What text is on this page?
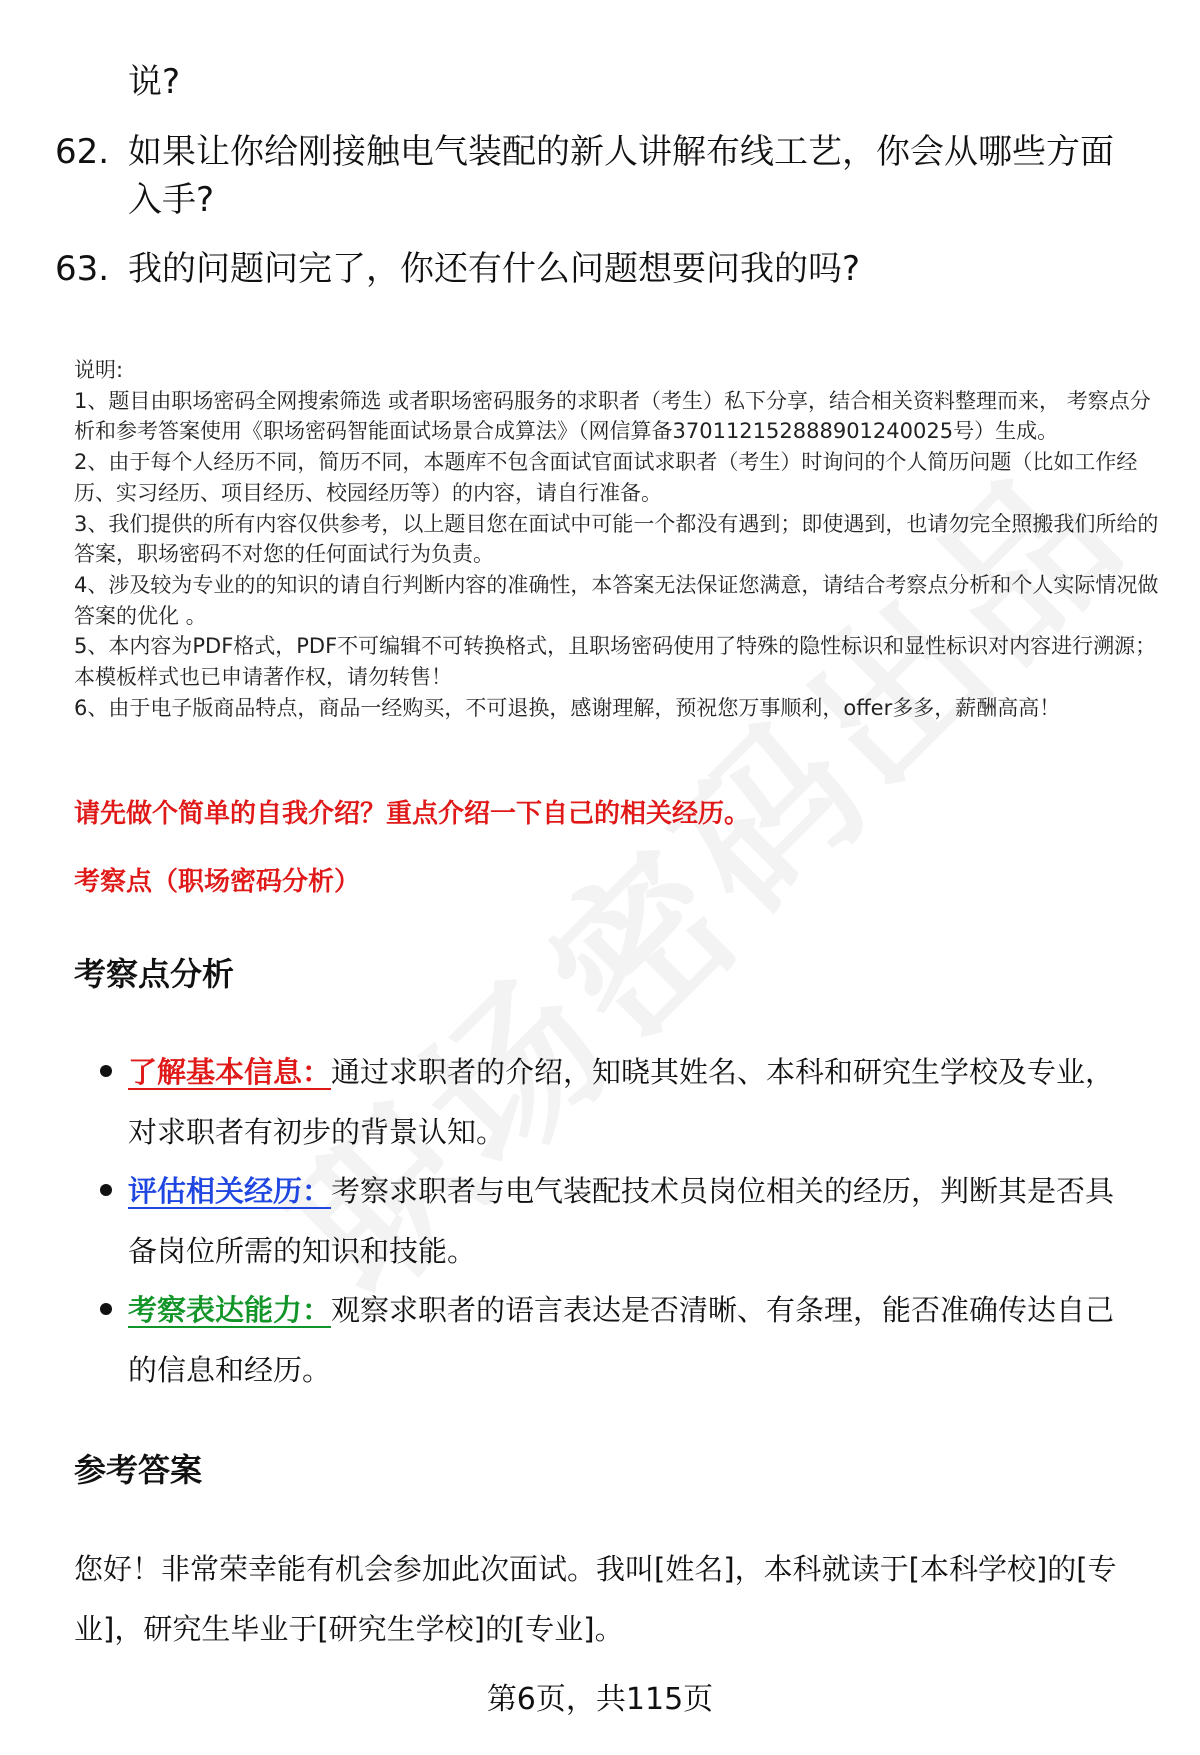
说?
62. 如果让你给刚接触电气装配的新人讲解布线工艺，你会从哪些方面入手?
63. 我的问题问完了，你还有什么问题想要问我的吗?

说明:

1、题目由职场密码全网搜索筛选 或者职场密码服务的求职者（考生）私下分享，结合相关资料整理而来， 考察点分析和参考答案使用《职场密码智能面试场景合成算法》（网信算备370112152888901240025号）生成。

2、由于每个人经历不同，简历不同，本题库不包含面试官面试求职者（考生）时询问的个人简历问题（比如工作经历、实习经历、项目经历、校园经历等）的内容，请自行准备。

3、我们提供的所有内容仅供参考，以上题目您在面试中可能一个都没有遇到；即使遇到，也请勿完全照搬我们所给的答案，职场密码不对您的任何面试行为负责。

4、涉及较为专业的的知识的请自行判断内容的准确性，本答案无法保证您满意，请结合考察点分析和个人实际情况做答案的优化 。

5、本内容为PDF格式，PDF不可编辑不可转换格式，且职场密码使用了特殊的隐性标识和显性标识对内容进行溯源；本模板样式也已申请著作权，请勿转售！

6、由于电子版商品特点，商品一经购买，不可退换，感谢理解，预祝您万事顺利，offer多多，薪酬高高！

请先做个简单的自我介绍？重点介绍一下自己的相关经历。
考察点（职场密码分析）
考察点分析
了解基本信息：通过求职者的介绍，知晓其姓名、本科和研究生学校及专业，对求职者有初步的背景认知。
评估相关经历：考察求职者与电气装配技术员岗位相关的经历，判断其是否具备岗位所需的知识和技能。
考察表达能力：观察求职者的语言表达是否清晰、有条理，能否准确传达自己的信息和经历。
参考答案
您好！非常荣幸能有机会参加此次面试。我叫[姓名]，本科就读于[本科学校]的[专业]，研究生毕业于[研究生学校]的[专业]。
第6页，共115页
